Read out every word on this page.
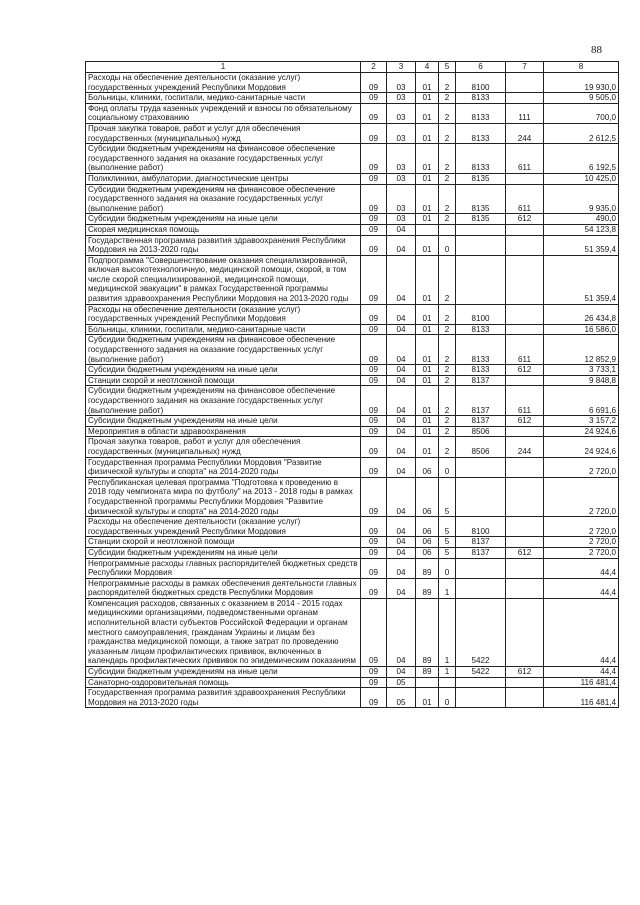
88
1	2	3	4	5	6	7	8
Расходы на обеспечение деятельности (оказание услуг) государственных учреждений Республики Мордовия	09	03	01	2	8100		19 930,0
Больницы, клиники, госпитали, медико-санитарные части	09	03	01	2	8133		9 505,0
Фонд оплаты труда казенных учреждений и взносы по обязательному социальному страхованию	09	03	01	2	8133	111	700,0
Прочая закупка товаров, работ и услуг для обеспечения государственных (муниципальных) нужд	09	03	01	2	8133	244	2 612,5
Субсидии бюджетным учреждениям на финансовое обеспечение государственного задания на оказание государственных услуг (выполнение работ)	09	03	01	2	8133	611	6 192,5
Поликлиники, амбулатории, диагностические центры	09	03	01	2	8135		10 425,0
Субсидии бюджетным учреждениям на финансовое обеспечение государственного задания на оказание государственных услуг (выполнение работ)	09	03	01	2	8135	611	9 935,0
Субсидии бюджетным учреждениям на иные цели	09	03	01	2	8135	612	490,0
Скорая медицинская помощь	09	04					54 123,8
Государственная программа развития здравоохранения Республики Мордовия на 2013-2020 годы	09	04	01	0			51 359,4
Подпрограмма "Совершенствование оказания специализированной, включая высокотехнологичную, медицинской помощи, скорой, в том числе скорой специализированной, медицинской помощи, медицинской эвакуации" в рамках Государственной программы развития здравоохранения Республики Мордовия на 2013-2020 годы	09	04	01	2			51 359,4
Расходы на обеспечение деятельности (оказание услуг) государственных учреждений Республики Мордовия	09	04	01	2	8100		26 434,8
Больницы, клиники, госпитали, медико-санитарные части	09	04	01	2	8133		16 586,0
Субсидии бюджетным учреждениям на финансовое обеспечение государственного задания на оказание государственных услуг (выполнение работ)	09	04	01	2	8133	611	12 852,9
Субсидии бюджетным учреждениям на иные цели	09	04	01	2	8133	612	3 733,1
Станции скорой и неотложной помощи	09	04	01	2	8137		9 848,8
Субсидии бюджетным учреждениям на финансовое обеспечение государственного задания на оказание государственных услуг (выполнение работ)	09	04	01	2	8137	611	6 691,6
Субсидии бюджетным учреждениям на иные цели	09	04	01	2	8137	612	3 157,2
Мероприятия в области здравоохранения	09	04	01	2	8506		24 924,6
Прочая закупка товаров, работ и услуг для обеспечения государственных (муниципальных) нужд	09	04	01	2	8506	244	24 924,6
Государственная программа Республики Мордовия "Развитие физической культуры и спорта" на 2014-2020 годы	09	04	06	0			2 720,0
Республиканская целевая программа "Подготовка к проведению в 2018 году чемпионата мира по футболу" на 2013 - 2018 годы в рамках Государственной программы Республики Мордовия "Развитие физической культуры и спорта" на 2014-2020 годы	09	04	06	5			2 720,0
Расходы на обеспечение деятельности (оказание услуг) государственных учреждений Республики Мордовия	09	04	06	5	8100		2 720,0
Станции скорой и неотложной помощи	09	04	06	5	8137		2 720,0
Субсидии бюджетным учреждениям на иные цели	09	04	06	5	8137	612	2 720,0
Непрограммные расходы главных распорядителей бюджетных средств Республики Мордовия	09	04	89	0			44,4
Непрограммные расходы в рамках обеспечения деятельности главных распорядителей бюджетных средств Республики Мордовия	09	04	89	1			44,4
Компенсация расходов, связанных с оказанием в 2014 - 2015 годах медицинскими организациями, подведомственными органам исполнительной власти субъектов Российской Федерации и органам местного самоуправления, гражданам Украины и лицам без гражданства медицинской помощи, а также затрат по проведению указанным лицам профилактических прививок, включенных в календарь профилактических прививок по эпидемическим показаниям	09	04	89	1	5422		44,4
Субсидии бюджетным учреждениям на иные цели	09	04	89	1	5422	612	44,4
Санаторно-оздоровительная помощь	09	05					116 481,4
Государственная программа развития здравоохранения Республики Мордовия на 2013-2020 годы	09	05	01	0			116 481,4
